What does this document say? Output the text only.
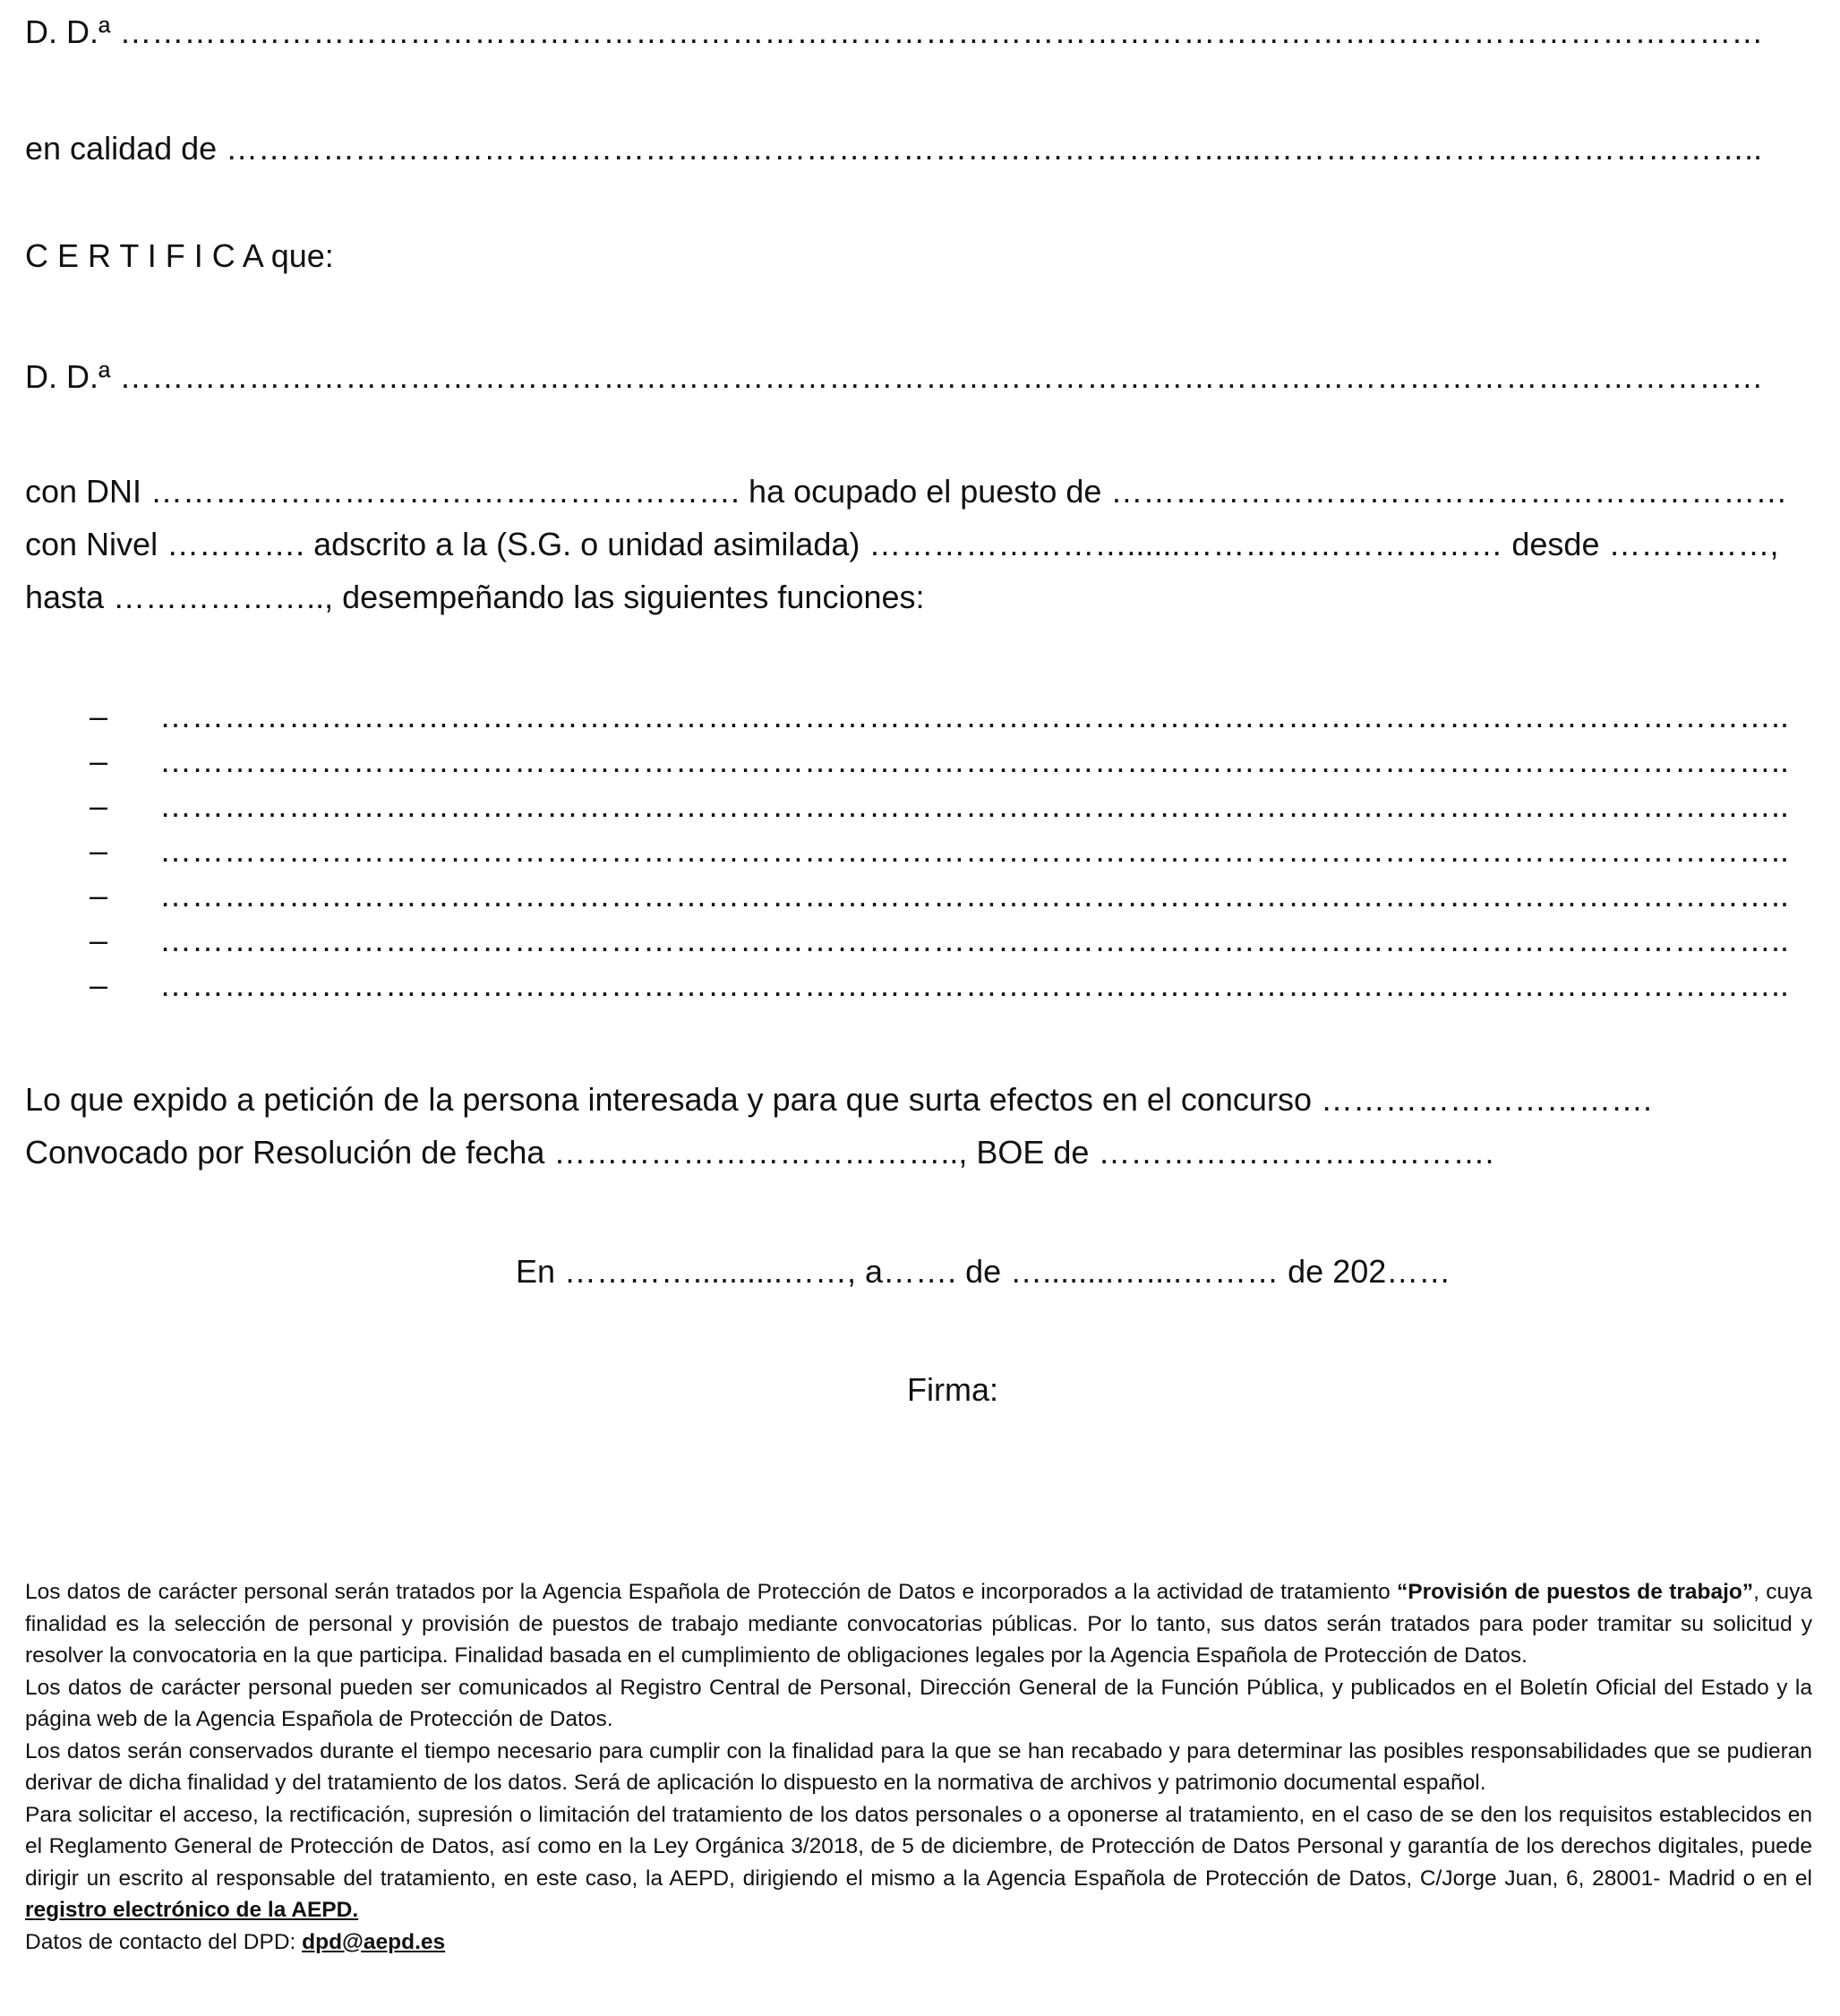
D. D.ª ………………………………………………………………………………………………………………………………………
en calidad de …………………………………………………………………………………....………………………………………..
C E R T I F I C A que:
D. D.ª ………………………………………………………………………………………………………………………………………
con DNI ………………………………………………. ha ocupado el puesto de ………………………………………………………
con Nivel …………. adscrito a la (S.G. o unidad asimilada) ……………………......………………………… desde ……………,
hasta ……………….., desempeñando las siguientes funciones:
– ……………………………………………………………………………………………………………………………………..
– ……………………………………………………………………………………………………………………………………..
– ……………………………………………………………………………………………………………………………………..
– ……………………………………………………………………………………………………………………………………..
– ……………………………………………………………………………………………………………………………………..
– ……………………………………………………………………………………………………………………………………..
– ……………………………………………………………………………………………………………………………………..
Lo que expido a petición de la persona interesada y para que surta efectos en el concurso ………………………….
Convocado por Resolución de fecha ……………………………….., BOE de ……………………………….
En …………..........……, a……. de …........…....……… de 202……
Firma:

Los datos de carácter personal serán tratados por la Agencia Española de Protección de Datos e incorporados a la actividad de tratamiento “Provisión de puestos de trabajo”, cuya finalidad es la selección de personal y provisión de puestos de trabajo mediante convocatorias públicas. Por lo tanto, sus datos serán tratados para poder tramitar su solicitud y resolver la convocatoria en la que participa. Finalidad basada en el cumplimiento de obligaciones legales por la Agencia Española de Protección de Datos.

Los datos de carácter personal pueden ser comunicados al Registro Central de Personal, Dirección General de la Función Pública, y publicados en el Boletín Oficial del Estado y la página web de la Agencia Española de Protección de Datos.

Los datos serán conservados durante el tiempo necesario para cumplir con la finalidad para la que se han recabado y para determinar las posibles responsabilidades que se pudieran derivar de dicha finalidad y del tratamiento de los datos. Será de aplicación lo dispuesto en la normativa de archivos y patrimonio documental español.

Para solicitar el acceso, la rectificación, supresión o limitación del tratamiento de los datos personales o a oponerse al tratamiento, en el caso de se den los requisitos establecidos en el Reglamento General de Protección de Datos, así como en la Ley Orgánica 3/2018, de 5 de diciembre, de Protección de Datos Personal y garantía de los derechos digitales, puede dirigir un escrito al responsable del tratamiento, en este caso, la AEPD, dirigiendo el mismo a la Agencia Española de Protección de Datos, C/Jorge Juan, 6, 28001- Madrid o en el registro electrónico de la AEPD.

Datos de contacto del DPD: dpd@aepd.es
